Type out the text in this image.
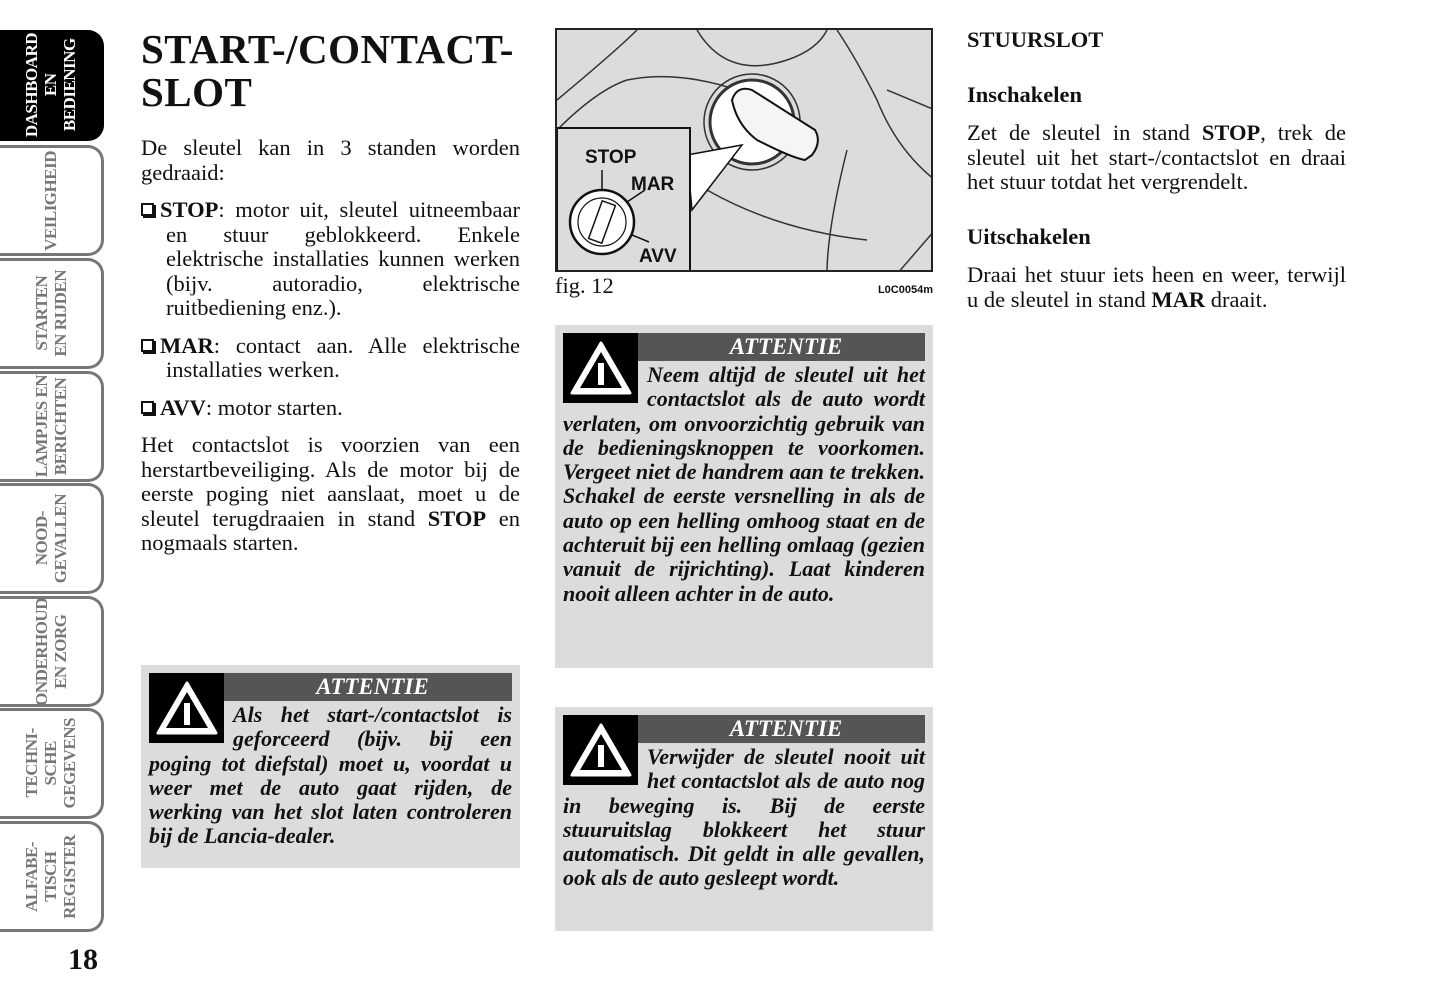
DASHBOARD
EN
BEDIENING
VEILIGHEID
STARTEN
EN RIJDEN
LAMPJES EN
BERICHTEN
NOOD-
GEVALLEN
ONDERHOUD
EN ZORG
TECHNI-
SCHE
GEGEVENS
ALFABE-
TISCH
REGISTER
18
START-/CONTACT-
SLOT

De sleutel kan in 3 standen worden gedraaid:

STOP: motor uit, sleutel uitneembaar en stuur geblokkeerd. Enkele elektrische installaties kunnen werken (bijv. autoradio, elektrische ruitbediening enz.).

MAR: contact aan. Alle elektrische installaties werken.

AVV: motor starten.

Het contactslot is voorzien van een herstartbeveiliging. Als de motor bij de eerste poging niet aanslaat, moet u de sleutel terugdraaien in stand STOP en nogmaals starten.

ATTENTIE
Als het start-/contactslot is geforceerd (bijv. bij een poging tot diefstal) moet u, voordat u weer met de auto gaat rijden, de werking van het slot laten controleren bij de Lancia-dealer.
STOP
MAR
AVV
fig. 12	L0C0054m
ATTENTIE
Neem altijd de sleutel uit het contactslot als de auto wordt verlaten, om onvoorzichtig gebruik van de bedieningsknoppen te voorkomen. Vergeet niet de handrem aan te trekken. Schakel de eerste versnelling in als de auto op een helling omhoog staat en de achteruit bij een helling omlaag (gezien vanuit de rijrichting). Laat kinderen nooit alleen achter in de auto.
ATTENTIE
Verwijder de sleutel nooit uit het contactslot als de auto nog in beweging is. Bij de eerste stuuruitslag blokkeert het stuur automatisch. Dit geldt in alle gevallen, ook als de auto gesleept wordt.
STUURSLOT
Inschakelen

Zet de sleutel in stand STOP, trek de sleutel uit het start-/contactslot en draai het stuur totdat het vergrendelt.

Uitschakelen

Draai het stuur iets heen en weer, terwijl u de sleutel in stand MAR draait.
